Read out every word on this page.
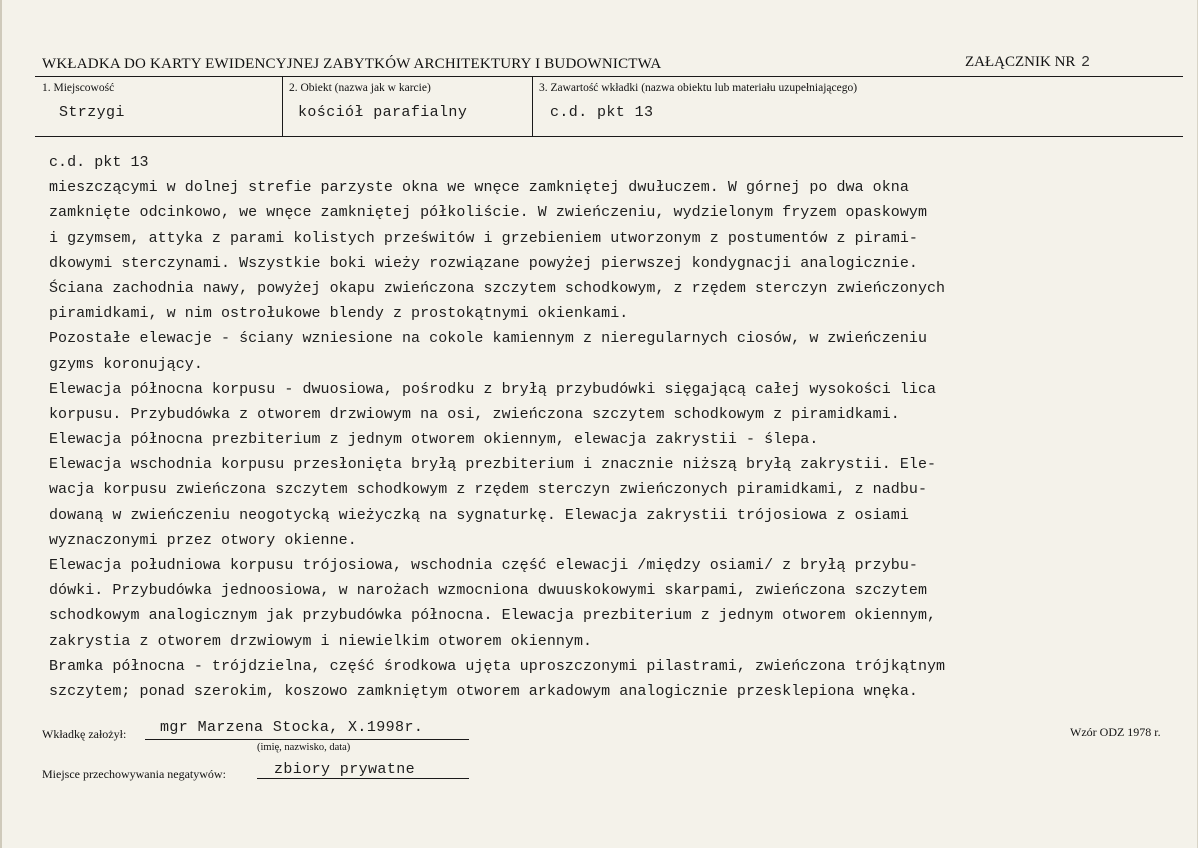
WKŁADKA DO KARTY EWIDENCYJNEJ ZABYTKÓW ARCHITEKTURY I BUDOWNICTWA	ZAŁĄCZNIK NR 2
1. Miejscowość
Strzygi
2. Obiekt (nazwa jak w karcie)
kościół parafialny
3. Zawartość wkładki (nazwa obiektu lub materiału uzupełniającego)
c.d. pkt 13
c.d. pkt 13
mieszczącymi w dolnej strefie parzyste okna we wnęce zamkniętej dwułuczem. W górnej po dwa okna
zamknięte odcinkowo, we wnęce zamkniętej półkoliście. W zwieńczeniu, wydzielonym fryzem opaskowym
i gzymsem, attyka z parami kolistych prześwitów i grzebieniem utworzonym z postumentów z pirami-
dkowymi sterczynami. Wszystkie boki wieży rozwiązane powyżej pierwszej kondygnacji analogicznie.
Ściana zachodnia nawy, powyżej okapu zwieńczona szczytem schodkowym, z rzędem sterczyn zwieńczonych
piramidkami, w nim ostrołukowe blendy z prostokątnymi okienkami.
Pozostałe elewacje - ściany wzniesione na cokole kamiennym z nieregularnych ciosów, w zwieńczeniu
gzyms koronujący.
Elewacja północna korpusu - dwuosiowa, pośrodku z bryłą przybudówki sięgającą całej wysokości lica
korpusu. Przybudówka z otworem drzwiowym na osi, zwieńczona szczytem schodkowym z piramidkami.
Elewacja północna prezbiterium z jednym otworem okiennym, elewacja zakrystii - ślepa.
Elewacja wschodnia korpusu przesłonięta bryłą prezbiterium i znacznie niższą bryłą zakrystii. Ele-
wacja korpusu zwieńczona szczytem schodkowym z rzędem sterczyn zwieńczonych piramidkami, z nadbu-
dowaną w zwieńczeniu neogotycką wieżyczką na sygnaturkę. Elewacja zakrystii trójosiowa z osiami
wyznaczonymi przez otwory okienne.
Elewacja południowa korpusu trójosiowa, wschodnia część elewacji /między osiami/ z bryłą przybu-
dówki. Przybudówka jednoosiowa, w narożach wzmocniona dwuuskokowymi skarpami, zwieńczona szczytem
schodkowym analogicznym jak przybudówka północna. Elewacja prezbiterium z jednym otworem okiennym,
zakrystia z otworem drzwiowym i niewielkim otworem okiennym.
Bramka północna - trójdzielna, część środkowa ujęta uproszczonymi pilastrami, zwieńczona trójkątnym
szczytem; ponad szerokim, koszowo zamkniętym otworem arkadowym analogicznie przesklepiona wnęka.
Wkładkę założył: mgr Marzena Stocka, X.1998r.
(imię, nazwisko, data)
Miejsce przechowywania negatywów:	zbiory prywatne
Wzór ODZ 1978 r.
